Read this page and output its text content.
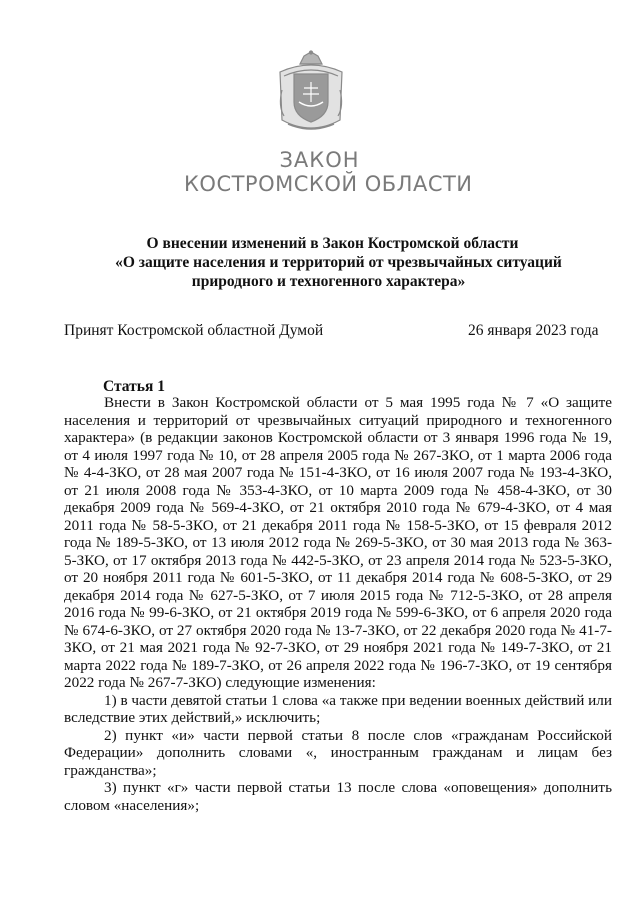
ЗАКОН
КОСТРОМСКОЙ ОБЛАСТИ
О внесении изменений в Закон Костромской области
«О защите населения и территорий от чрезвычайных ситуаций
природного и техногенного характера»
Принят Костромской областной Думой	26 января 2023 года
Статья 1

Внести в Закон Костромской области от 5 мая 1995 года № 7 «О защите населения и территорий от чрезвычайных ситуаций природного и техногенного характера» (в редакции законов Костромской области от 3 января 1996 года № 19, от 4 июля 1997 года № 10, от 28 апреля 2005 года № 267-ЗКО, от 1 марта 2006 года № 4-4-ЗКО, от 28 мая 2007 года № 151-4-ЗКО, от 16 июля 2007 года № 193-4-ЗКО, от 21 июля 2008 года № 353-4-ЗКО, от 10 марта 2009 года № 458-4-ЗКО, от 30 декабря 2009 года № 569-4-ЗКО, от 21 октября 2010 года № 679-4-ЗКО, от 4 мая 2011 года № 58-5-ЗКО, от 21 декабря 2011 года № 158-5-ЗКО, от 15 февраля 2012 года № 189-5-ЗКО, от 13 июля 2012 года № 269-5-ЗКО, от 30 мая 2013 года № 363-5-ЗКО, от 17 октября 2013 года № 442-5-ЗКО, от 23 апреля 2014 года № 523-5-ЗКО, от 20 ноября 2011 года № 601-5-ЗКО, от 11 декабря 2014 года № 608-5-ЗКО, от 29 декабря 2014 года № 627-5-ЗКО, от 7 июля 2015 года № 712-5-ЗКО, от 28 апреля 2016 года № 99-6-ЗКО, от 21 октября 2019 года № 599-6-ЗКО, от 6 апреля 2020 года № 674-6-ЗКО, от 27 октября 2020 года № 13-7-ЗКО, от 22 декабря 2020 года № 41-7-ЗКО, от 21 мая 2021 года № 92-7-ЗКО, от 29 ноября 2021 года № 149-7-ЗКО, от 21 марта 2022 года № 189-7-ЗКО, от 26 апреля 2022 года № 196-7-ЗКО, от 19 сентября 2022 года № 267-7-ЗКО) следующие изменения:

1) в части девятой статьи 1 слова «а также при ведении военных действий или вследствие этих действий,» исключить;

2) пункт «и» части первой статьи 8 после слов «гражданам Российской Федерации» дополнить словами «, иностранным гражданам и лицам без гражданства»;

3) пункт «г» части первой статьи 13 после слова «оповещения» дополнить словом «населения»;
